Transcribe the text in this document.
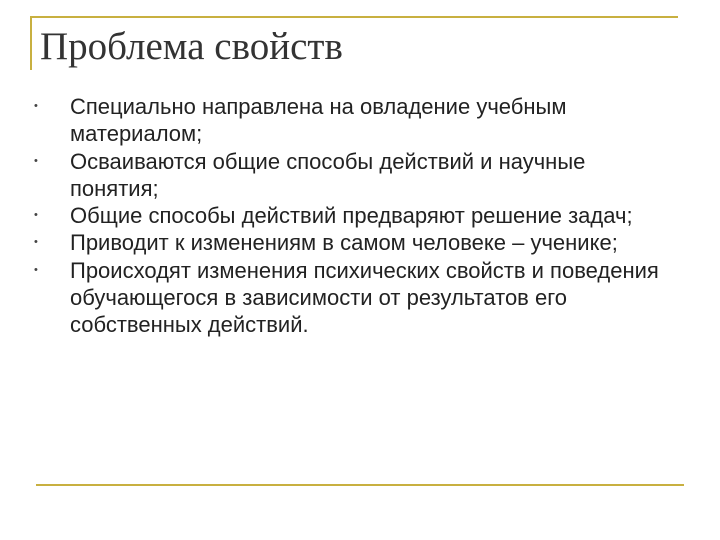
Проблема свойств
• Специально направлена на овладение учебным материалом;
• Осваиваются общие способы действий и научные понятия;
• Общие способы действий предваряют решение задач;
• Приводит к изменениям в самом человеке – ученике;
• Происходят изменения психических свойств и поведения обучающегося в зависимости от результатов его собственных действий.
